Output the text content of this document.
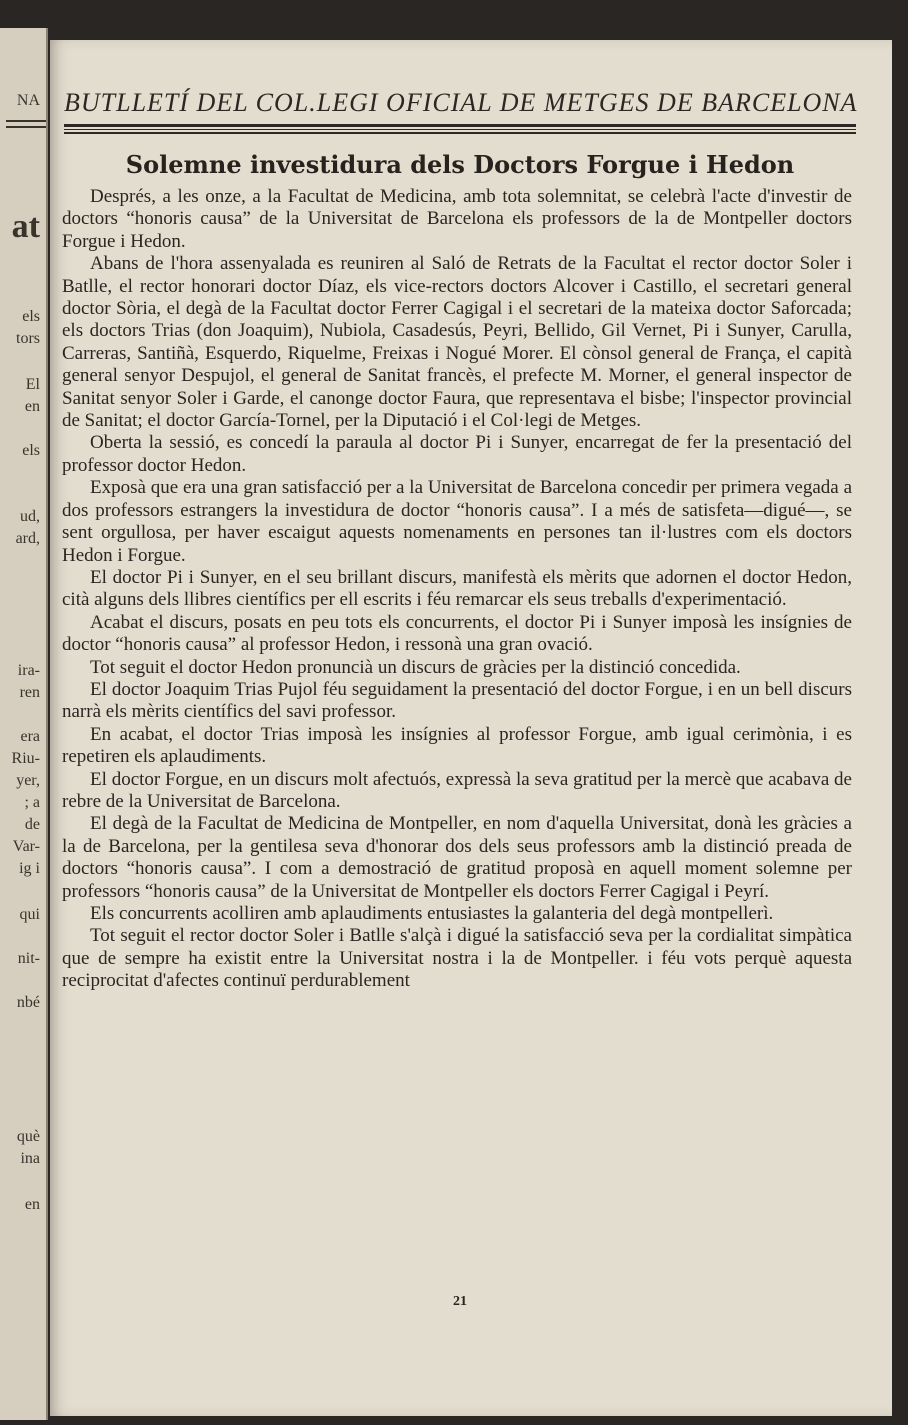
NA
at
els
tors
El
en
els
ud,
ard,
ira-
ren
era
Riu-
yer,
; a
de
Var-
ig i
qui
nit-
nbé
què
ina
en
BUTLLETÍ DEL COL.LEGI OFICIAL DE METGES DE BARCELONA
Solemne investidura dels Doctors Forgue i Hedon

Després, a les onze, a la Facultat de Medicina, amb tota solemnitat, se celebrà l'acte d'investir de doctors “honoris causa” de la Universitat de Barcelona els professors de la de Montpeller doctors Forgue i Hedon.

Abans de l'hora assenyalada es reuniren al Saló de Retrats de la Facultat el rector doctor Soler i Batlle, el rector honorari doctor Díaz, els vice-rectors doctors Alcover i Castillo, el secretari general doctor Sòria, el degà de la Facultat doctor Ferrer Cagigal i el secretari de la mateixa doctor Saforcada; els doctors Trias (don Joaquim), Nubiola, Casadesús, Peyri, Bellido, Gil Vernet, Pi i Sunyer, Carulla, Carreras, Santiñà, Esquerdo, Riquelme, Freixas i Nogué Morer. El cònsol general de França, el capità general senyor Despujol, el general de Sanitat francès, el prefecte M. Morner, el general inspector de Sanitat senyor Soler i Garde, el canonge doctor Faura, que representava el bisbe; l'inspector provincial de Sanitat; el doctor García-Tornel, per la Diputació i el Col·legi de Metges.

Oberta la sessió, es concedí la paraula al doctor Pi i Sunyer, encarregat de fer la presentació del professor doctor Hedon.

Exposà que era una gran satisfacció per a la Universitat de Barcelona concedir per primera vegada a dos professors estrangers la investidura de doctor “honoris causa”. I a més de satisfeta—digué—, se sent orgullosa, per haver escaigut aquests nomenaments en persones tan il·lustres com els doctors Hedon i Forgue.

El doctor Pi i Sunyer, en el seu brillant discurs, manifestà els mèrits que adornen el doctor Hedon, cità alguns dels llibres científics per ell escrits i féu remarcar els seus treballs d'experimentació.

Acabat el discurs, posats en peu tots els concurrents, el doctor Pi i Sunyer imposà les insígnies de doctor “honoris causa” al professor Hedon, i ressonà una gran ovació.

Tot seguit el doctor Hedon pronuncià un discurs de gràcies per la distinció concedida.

El doctor Joaquim Trias Pujol féu seguidament la presentació del doctor Forgue, i en un bell discurs narrà els mèrits científics del savi professor.

En acabat, el doctor Trias imposà les insígnies al professor Forgue, amb igual cerimònia, i es repetiren els aplaudiments.

El doctor Forgue, en un discurs molt afectuós, expressà la seva gratitud per la mercè que acabava de rebre de la Universitat de Barcelona.

El degà de la Facultat de Medicina de Montpeller, en nom d'aquella Universitat, donà les gràcies a la de Barcelona, per la gentilesa seva d'honorar dos dels seus professors amb la distinció preada de doctors “honoris causa”. I com a demostració de gratitud proposà en aquell moment solemne per professors “honoris causa” de la Universitat de Montpeller els doctors Ferrer Cagigal i Peyrí.

Els concurrents acolliren amb aplaudiments entusiastes la galanteria del degà montpellerì.

Tot seguit el rector doctor Soler i Batlle s'alçà i digué la satisfacció seva per la cordialitat simpàtica que de sempre ha existit entre la Universitat nostra i la de Montpeller. i féu vots perquè aquesta reciprocitat d'afectes continuï perdurablement

21
